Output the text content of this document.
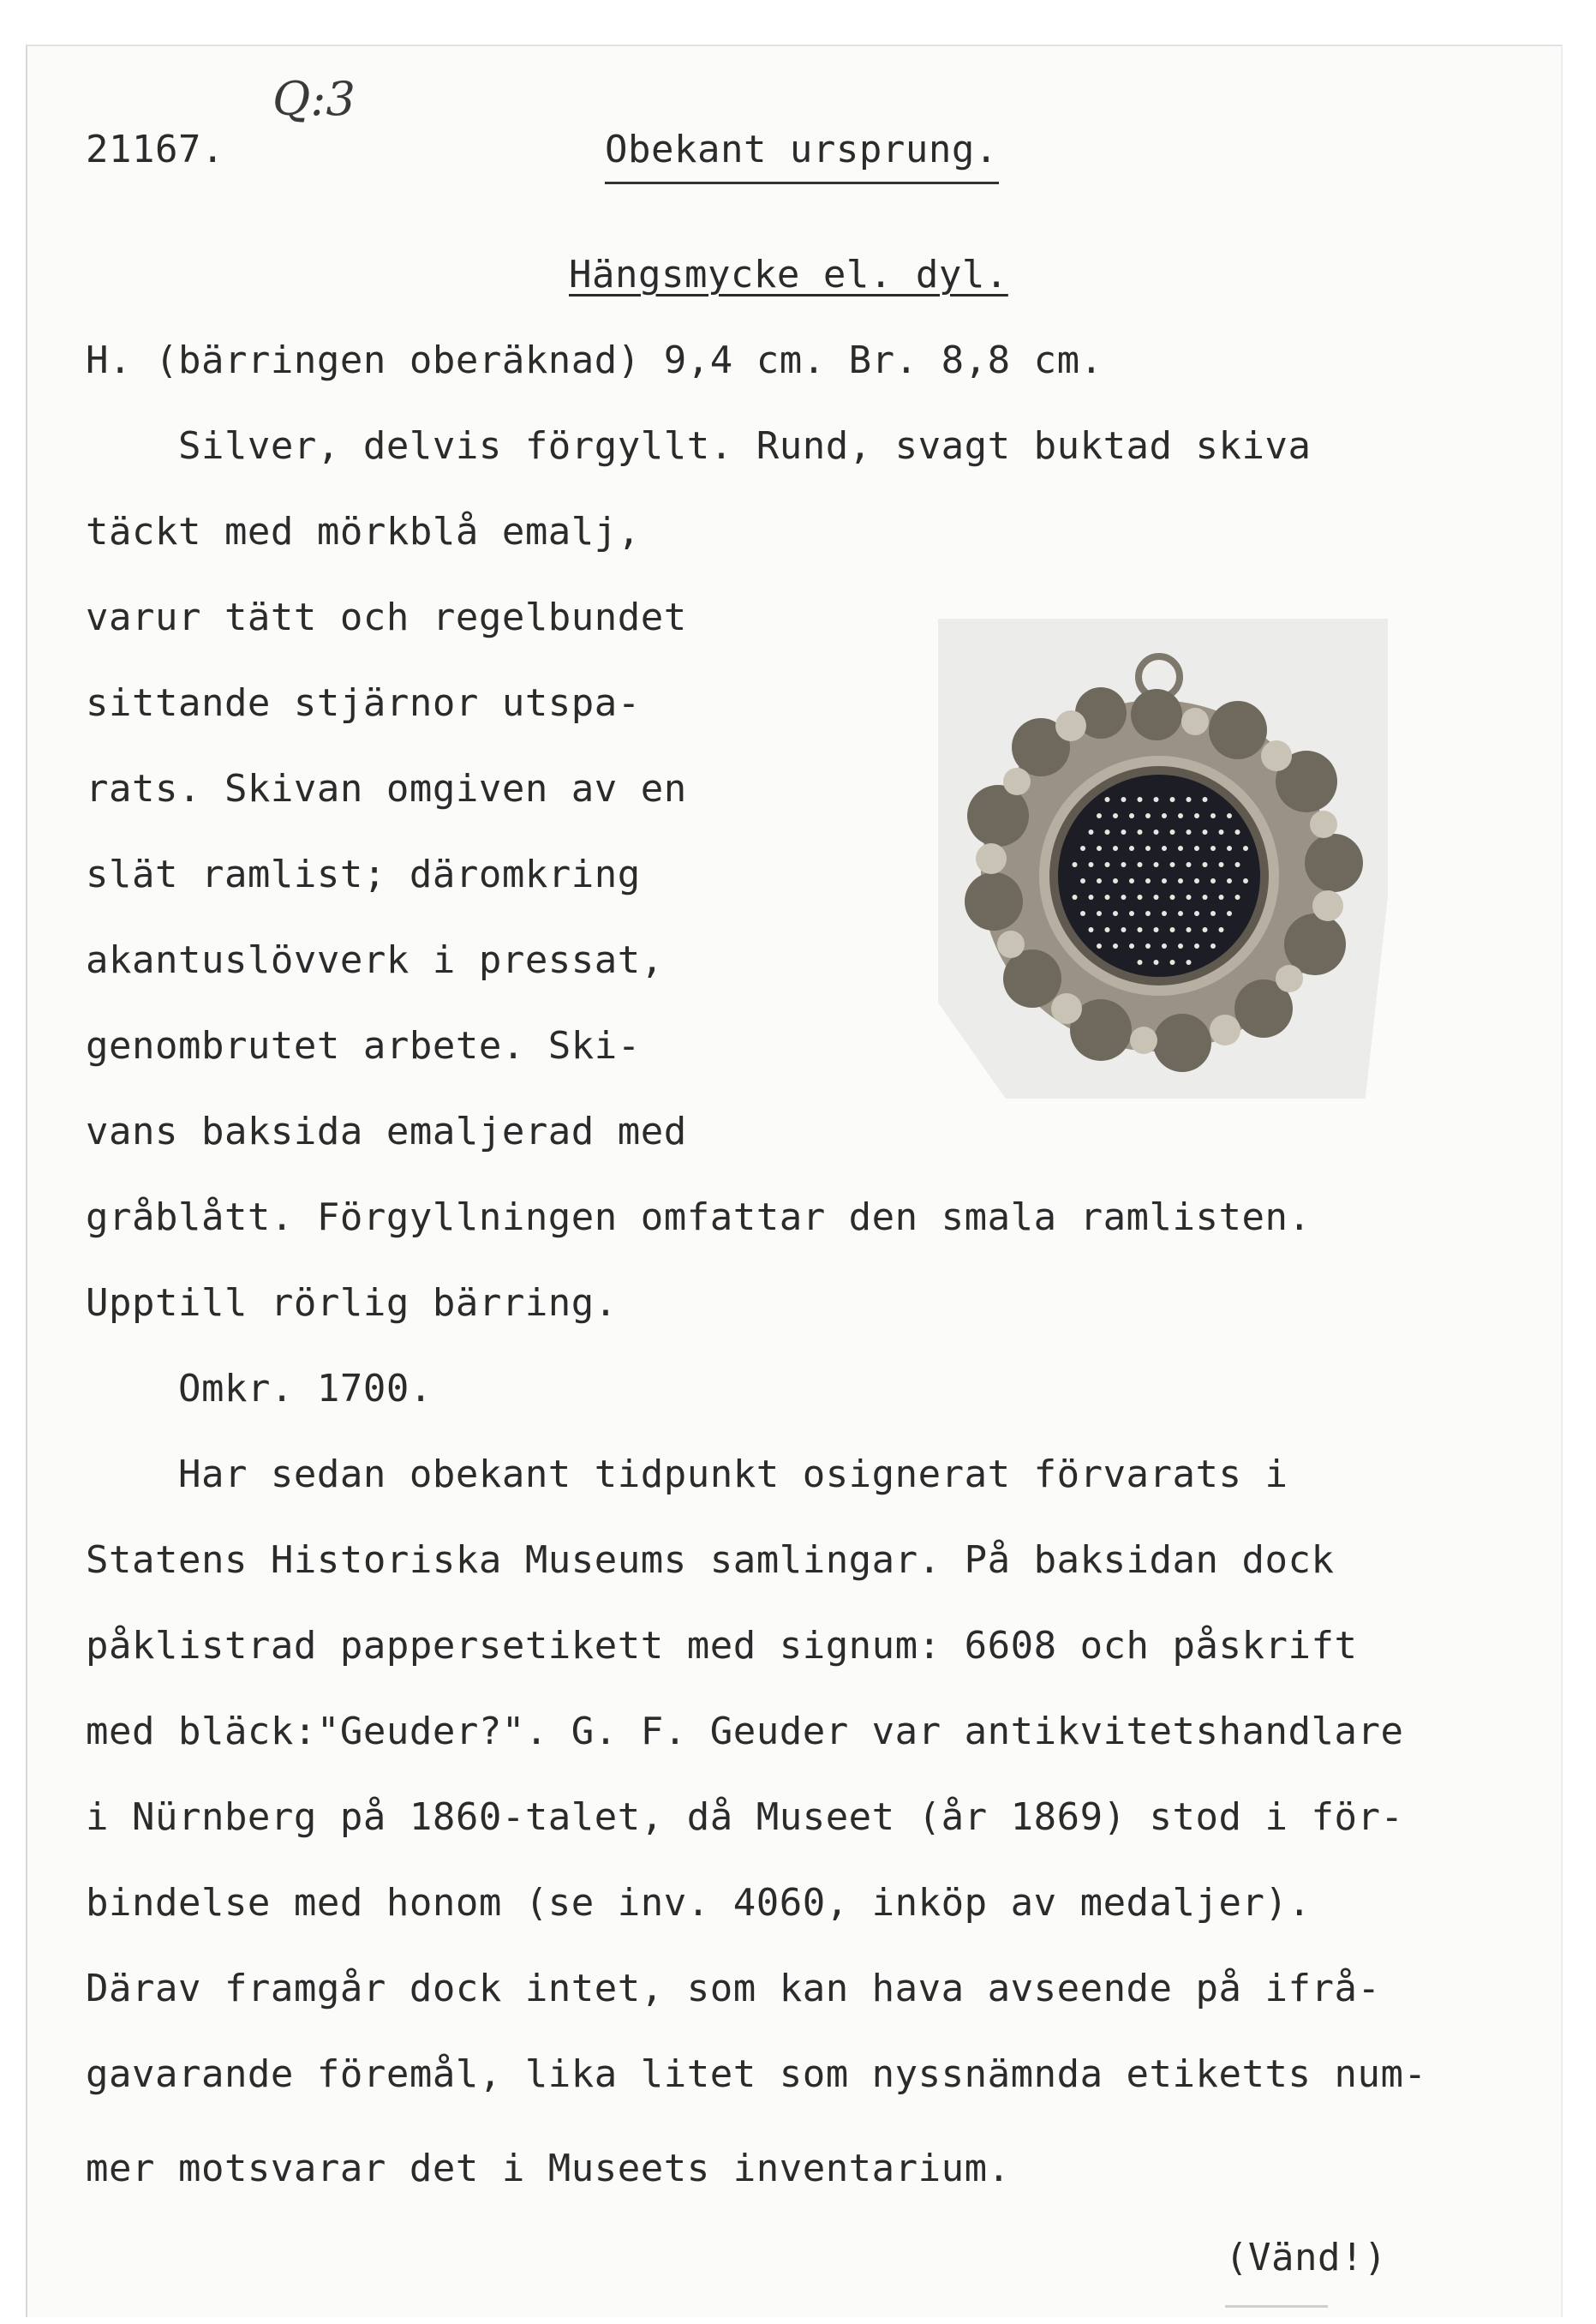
Q:3
21167.	Obekant ursprung.
Hängsmycke el. dyl.
H. (bärringen oberäknad) 9,4 cm. Br. 8,8 cm.
Silver, delvis förgyllt. Rund, svagt buktad skiva
täckt med mörkblå emalj,
varur tätt och regelbundet
sittande stjärnor utspa-
rats. Skivan omgiven av en
slät ramlist; däromkring
akantuslövverk i pressat,
genombrutet arbete. Ski-
vans baksida emaljerad med
gråblått. Förgyllningen omfattar den smala ramlisten.
Upptill rörlig bärring.
Omkr. 1700.
Har sedan obekant tidpunkt osignerat förvarats i
Statens Historiska Museums samlingar. På baksidan dock
påklistrad pappersetikett med signum: 6608 och påskrift
med bläck:"Geuder?". G. F. Geuder var antikvitetshandlare
i Nürnberg på 1860-talet, då Museet (år 1869) stod i för-
bindelse med honom (se inv. 4060, inköp av medaljer).
Därav framgår dock intet, som kan hava avseende på ifrå-
gavarande föremål, lika litet som nyssnämnda etiketts num-
mer motsvarar det i Museets inventarium.
(Vänd!)
